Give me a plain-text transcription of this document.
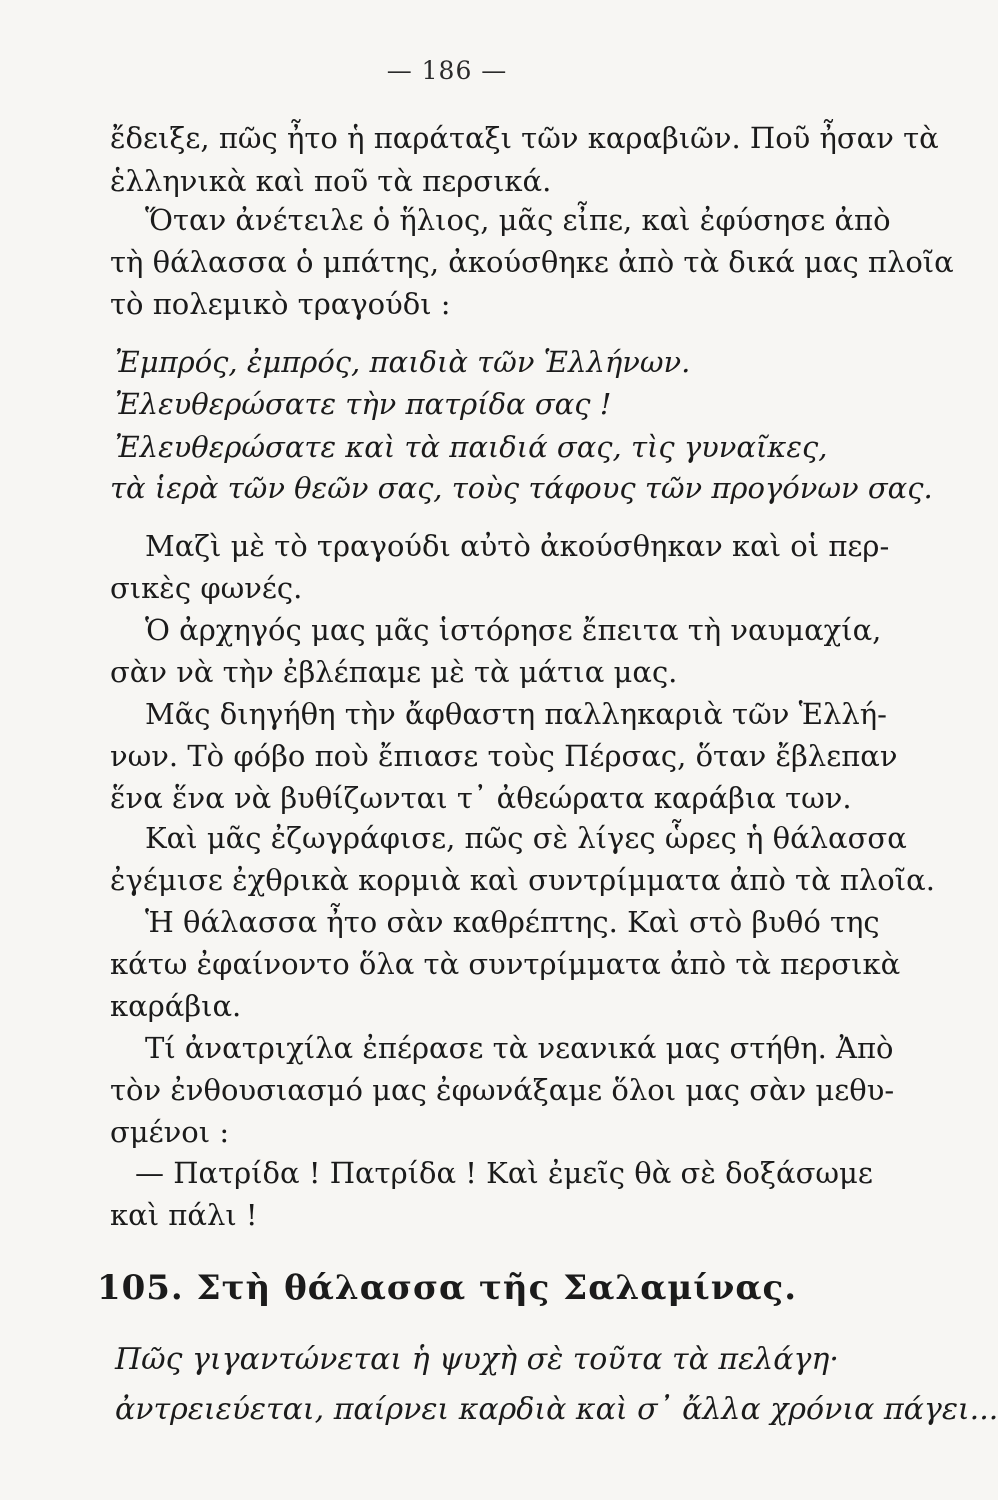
— 186 —
ἔδειξε, πῶς ἦτο ἡ παράταξι τῶν καραβιῶν. Ποῦ ἦσαν τὰ
ἑλληνικὰ καὶ ποῦ τὰ περσικά.
Ὅταν ἀνέτειλε ὁ ἥλιος, μᾶς εἶπε, καὶ ἐφύσησε ἀπὸ
τὴ θάλασσα ὁ μπάτης, ἀκούσθηκε ἀπὸ τὰ δικά μας πλοῖα
τὸ πολεμικὸ τραγούδι :
Ἐμπρός, ἐμπρός, παιδιὰ τῶν Ἑλλήνων.
Ἐλευθερώσατε τὴν πατρίδα σας !
Ἐλευθερώσατε καὶ τὰ παιδιά σας, τὶς γυναῖκες,
τὰ ἱερὰ τῶν θεῶν σας, τοὺς τάφους τῶν προγόνων σας.
Μαζὶ μὲ τὸ τραγούδι αὐτὸ ἀκούσθηκαν καὶ οἱ περ-
σικὲς φωνές.
Ὁ ἀρχηγός μας μᾶς ἱστόρησε ἔπειτα τὴ ναυμαχία,
σὰν νὰ τὴν ἐβλέπαμε μὲ τὰ μάτια μας.
Μᾶς διηγήθη τὴν ἄφθαστη παλληκαριὰ τῶν Ἑλλή-
νων. Τὸ φόβο ποὺ ἔπιασε τοὺς Πέρσας, ὅταν ἔβλεπαν
ἕνα ἕνα νὰ βυθίζωνται τ᾿ ἀθεώρατα καράβια των.
Καὶ μᾶς ἐζωγράφισε, πῶς σὲ λίγες ὧρες ἡ θάλασσα
ἐγέμισε ἐχθρικὰ κορμιὰ καὶ συντρίμματα ἀπὸ τὰ πλοῖα.
Ἡ θάλασσα ἦτο σὰν καθρέπτης. Καὶ στὸ βυθό της
κάτω ἐφαίνοντο ὅλα τὰ συντρίμματα ἀπὸ τὰ περσικὰ
καράβια.
Τί ἀνατριχίλα ἐπέρασε τὰ νεανικά μας στήθη. Ἀπὸ
τὸν ἐνθουσιασμό μας ἐφωνάξαμε ὅλοι μας σὰν μεθυ-
σμένοι :
— Πατρίδα ! Πατρίδα ! Καὶ ἐμεῖς θὰ σὲ δοξάσωμε
καὶ πάλι !
105. Στὴ θάλασσα τῆς Σαλαμίνας.
Πῶς γιγαντώνεται ἡ ψυχὴ σὲ τοῦτα τὰ πελάγη·
ἀντρειεύεται, παίρνει καρδιὰ καὶ σ᾿ ἄλλα χρόνια πάγει...
